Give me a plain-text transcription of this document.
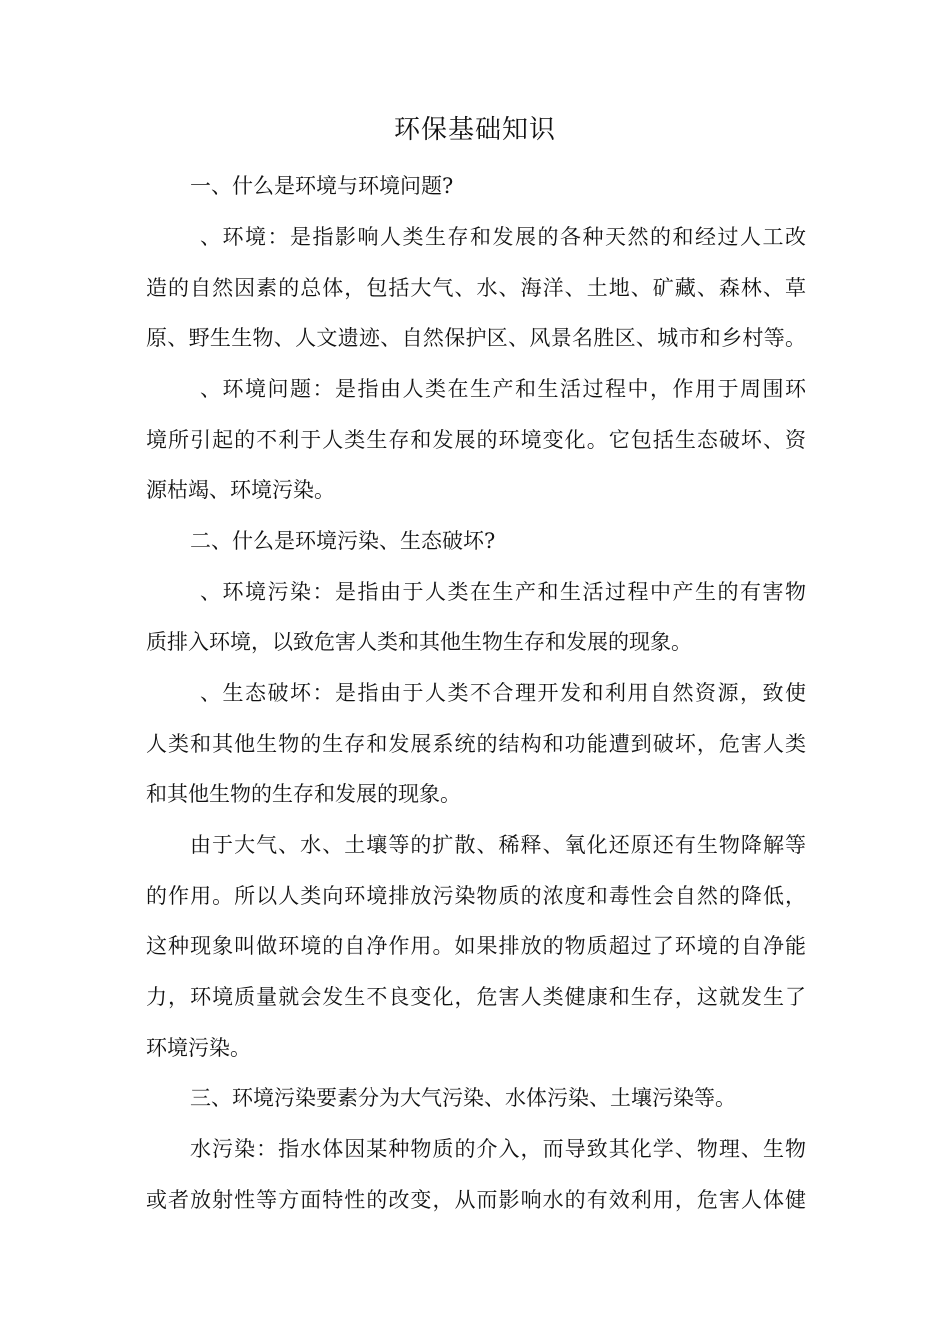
环保基础知识
一、什么是环境与环境问题?
、环境：是指影响人类生存和发展的各种天然的和经过人工改
造的自然因素的总体，包括大气、水、海洋、土地、矿藏、森林、草
原、野生生物、人文遗迹、自然保护区、风景名胜区、城市和乡村等。
、环境问题：是指由人类在生产和生活过程中，作用于周围环
境所引起的不利于人类生存和发展的环境变化。它包括生态破坏、资
源枯竭、环境污染。
二、什么是环境污染、生态破坏?
、环境污染：是指由于人类在生产和生活过程中产生的有害物
质排入环境，以致危害人类和其他生物生存和发展的现象。
、生态破坏：是指由于人类不合理开发和利用自然资源，致使
人类和其他生物的生存和发展系统的结构和功能遭到破坏，危害人类
和其他生物的生存和发展的现象。
由于大气、水、土壤等的扩散、稀释、氧化还原还有生物降解等
的作用。所以人类向环境排放污染物质的浓度和毒性会自然的降低，
这种现象叫做环境的自净作用。如果排放的物质超过了环境的自净能
力，环境质量就会发生不良变化，危害人类健康和生存，这就发生了
环境污染。
三、环境污染要素分为大气污染、水体污染、土壤污染等。
水污染：指水体因某种物质的介入，而导致其化学、物理、生物
或者放射性等方面特性的改变，从而影响水的有效利用，危害人体健
